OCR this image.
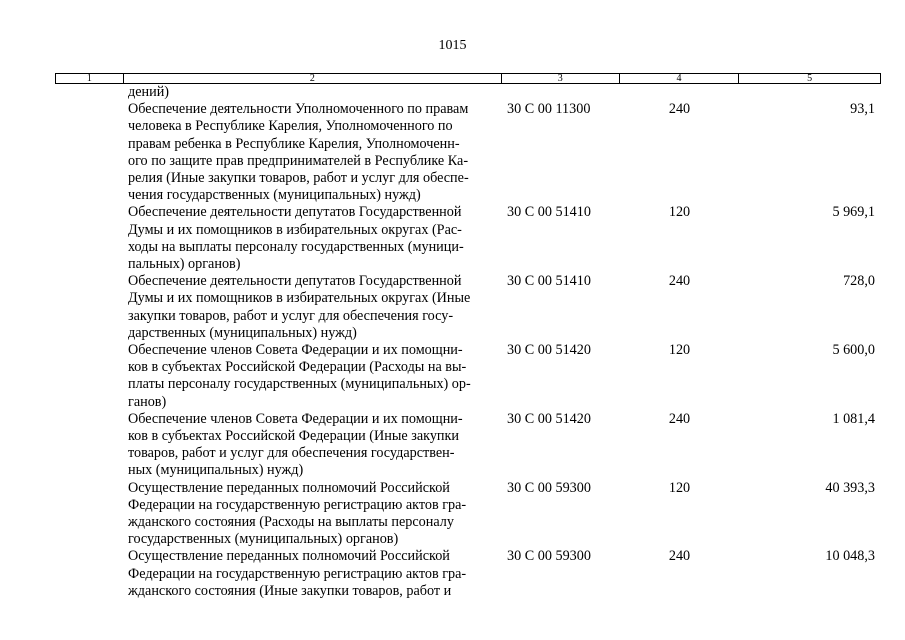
1015
1	2	3	4	5
дений)
Обеспечение деятельности Уполномоченного по правам
человека в Республике Карелия, Уполномоченного по
правам ребенка в Республике Карелия, Уполномоченн-
ого по защите прав предпринимателей в Республике Ка-
релия (Иные закупки товаров, работ и услуг для обеспе-
чения государственных (муниципальных) нужд)
30 С 00 11300	240	93,1
Обеспечение деятельности депутатов Государственной
Думы и их помощников в избирательных округах (Рас-
ходы на выплаты персоналу государственных (муници-
пальных) органов)
30 С 00 51410	120	5 969,1
Обеспечение деятельности депутатов Государственной
Думы и их помощников в избирательных округах (Иные
закупки товаров, работ и услуг для обеспечения госу-
дарственных (муниципальных) нужд)
30 С 00 51410	240	728,0
Обеспечение членов Совета Федерации и их помощни-
ков в субъектах Российской Федерации (Расходы на вы-
платы персоналу государственных (муниципальных) ор-
ганов)
30 С 00 51420	120	5 600,0
Обеспечение членов Совета Федерации и их помощни-
ков в субъектах Российской Федерации (Иные закупки
товаров, работ и услуг для обеспечения государствен-
ных (муниципальных) нужд)
30 С 00 51420	240	1 081,4
Осуществление переданных полномочий Российской
Федерации на государственную регистрацию актов гра-
жданского состояния (Расходы на выплаты персоналу
государственных (муниципальных) органов)
30 С 00 59300	120	40 393,3
Осуществление переданных полномочий Российской
Федерации на государственную регистрацию актов гра-
жданского состояния (Иные закупки товаров, работ и
30 С 00 59300	240	10 048,3
